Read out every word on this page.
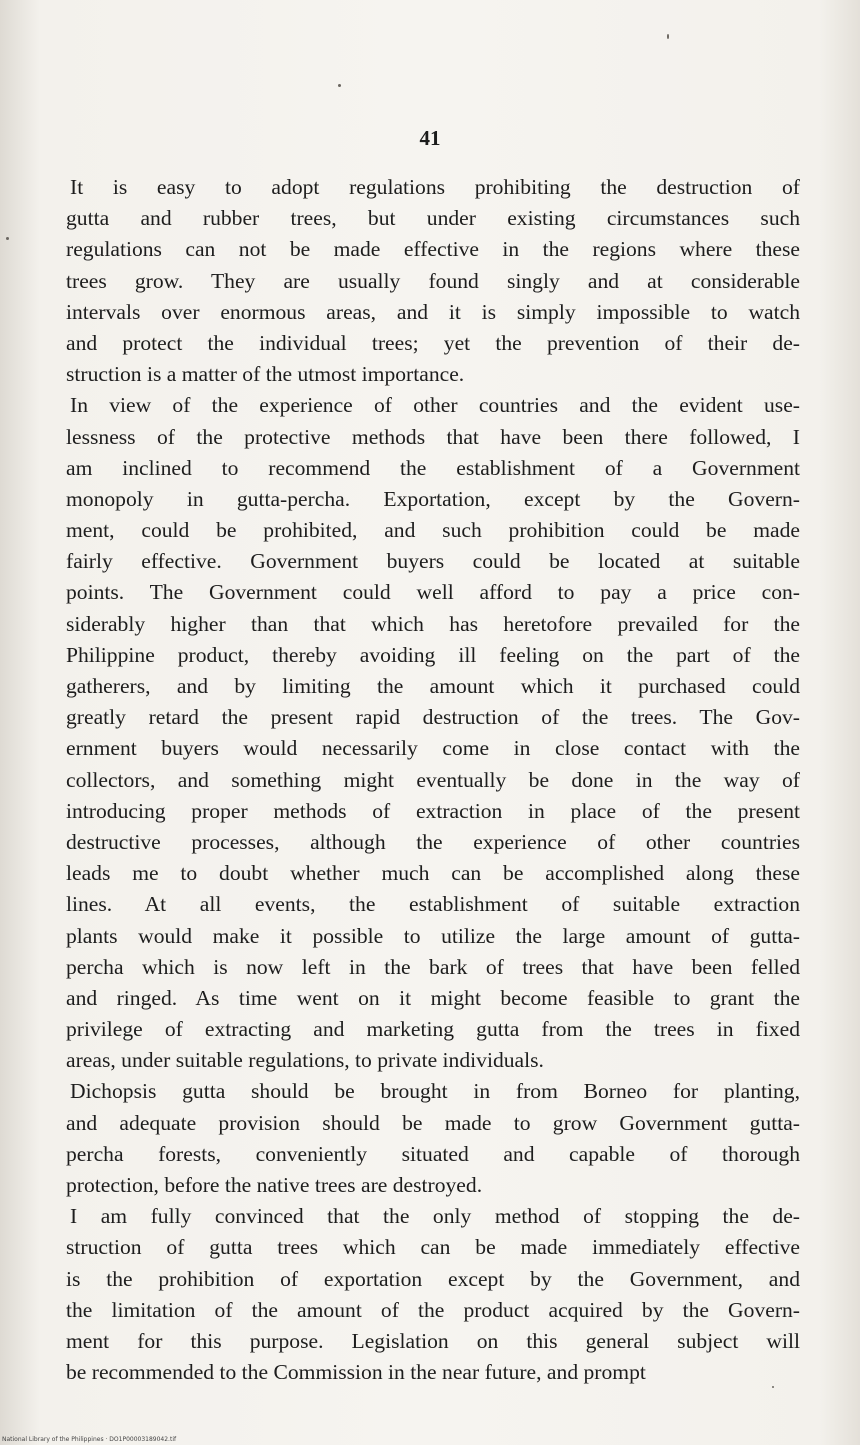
41
It is easy to adopt regulations prohibiting the destruction of
gutta and rubber trees, but under existing circumstances such
regulations can not be made effective in the regions where these
trees grow. They are usually found singly and at considerable
intervals over enormous areas, and it is simply impossible to watch
and protect the individual trees; yet the prevention of their de-
struction is a matter of the utmost importance.
In view of the experience of other countries and the evident use-
lessness of the protective methods that have been there followed, I
am inclined to recommend the establishment of a Government
monopoly in gutta-percha. Exportation, except by the Govern-
ment, could be prohibited, and such prohibition could be made
fairly effective. Government buyers could be located at suitable
points. The Government could well afford to pay a price con-
siderably higher than that which has heretofore prevailed for the
Philippine product, thereby avoiding ill feeling on the part of the
gatherers, and by limiting the amount which it purchased could
greatly retard the present rapid destruction of the trees. The Gov-
ernment buyers would necessarily come in close contact with the
collectors, and something might eventually be done in the way of
introducing proper methods of extraction in place of the present
destructive processes, although the experience of other countries
leads me to doubt whether much can be accomplished along these
lines. At all events, the establishment of suitable extraction
plants would make it possible to utilize the large amount of gutta-
percha which is now left in the bark of trees that have been felled
and ringed. As time went on it might become feasible to grant the
privilege of extracting and marketing gutta from the trees in fixed
areas, under suitable regulations, to private individuals.
Dichopsis gutta should be brought in from Borneo for planting,
and adequate provision should be made to grow Government gutta-
percha forests, conveniently situated and capable of thorough
protection, before the native trees are destroyed.
I am fully convinced that the only method of stopping the de-
struction of gutta trees which can be made immediately effective
is the prohibition of exportation except by the Government, and
the limitation of the amount of the product acquired by the Govern-
ment for this purpose. Legislation on this general subject will
be recommended to the Commission in the near future, and prompt
National Library of the Philippines · DO1P00003189042.tif
